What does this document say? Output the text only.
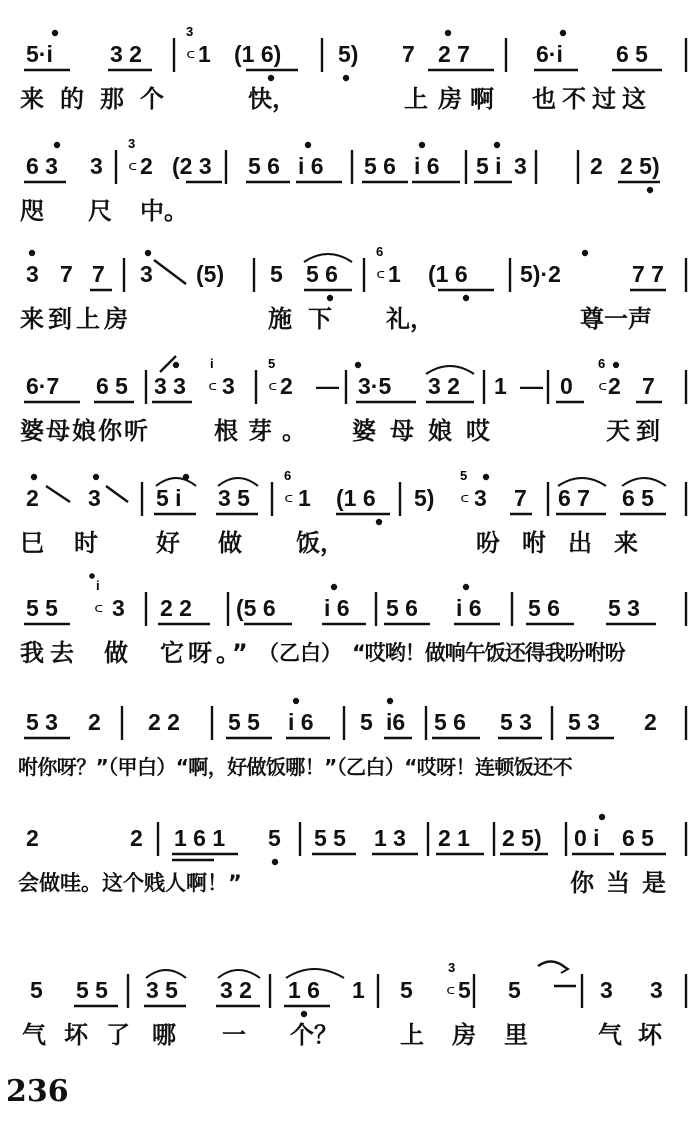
3
ᒼ
5·i 3 2	(1 6) 5) 7 2 7	6·i 6 5
1
来的那个	快，	上 房啊 也不过这
3
ᒼ
6 3 3 2 (2 3 5 6 i 6 5 6 i 6 5 i 3	2 2 5)
咫 尺 中。
6
ᒼ
3 7 7 3 (5) 5 5 6 1 (1 6 5)·2	7 7
来到上房	施下 礼，	尊一声
i
ᒼ
5
ᒼ
6
ᒼ
6·7 6 5 3 3 3 2 — 3·5 3 2 1 — 0 2 7
婆母娘你听	根芽。 婆母娘哎	天到
6
ᒼ
5
ᒼ
2 3 5 i 3 5 1 (1 6 5) 3 7 6 7 6 5
巳时 好 做 饭，	吩咐出来
i
ᒼ
5 5 3 2 2 (5 6 i 6 5 6 i 6 5 6 5 3
我去 做 它呀。” （乙白） “哎哟！做响午饭还得我吩咐吩
5 3 2 2 2 5 5 i 6 5 i6 5 6 5 3 5 3 2
咐你呀？”（甲白）“啊，好做饭哪！”（乙白）“哎呀！连顿饭还不
2	2 1 6 1 5 5 5 1 3 2 1 2 5) 0 i 6 5
会做哇。这个贱人啊！”	你当是
3
ᒼ
5 5 5 3 5 3 2 1 6 1 5 5 5	3 3
气坏了 哪 一 个？	上房里 气坏
236
